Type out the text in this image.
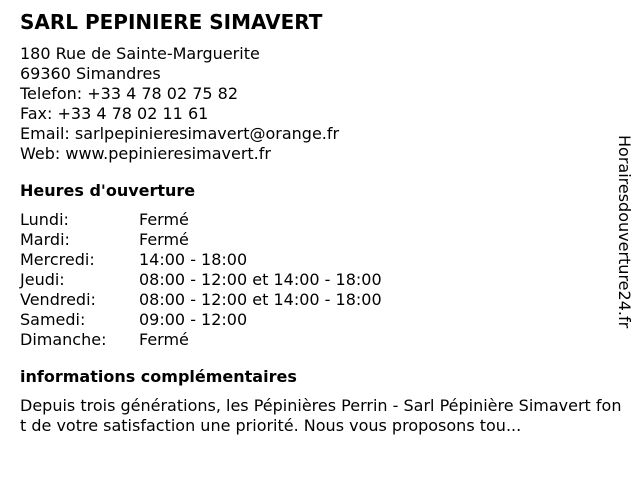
SARL PEPINIERE SIMAVERT

180 Rue de Sainte-Marguerite

69360 Simandres

Telefon: +33 4 78 02 75 82

Fax: +33 4 78 02 11 61

Email: sarlpepinieresimavert@orange.fr

Web: www.pepinieresimavert.fr

Heures d'ouverture
Lundi:	Fermé
Mardi:	Fermé
Mercredi:	14:00 - 18:00
Jeudi:	08:00 - 12:00 et 14:00 - 18:00
Vendredi:	08:00 - 12:00 et 14:00 - 18:00
Samedi:	09:00 - 12:00
Dimanche:	Fermé
informations complémentaires

Depuis trois générations, les Pépinières Perrin - Sarl Pépinière Simavert font de votre satisfaction une priorité. Nous vous proposons tou...

Horairesdouverture24.fr
